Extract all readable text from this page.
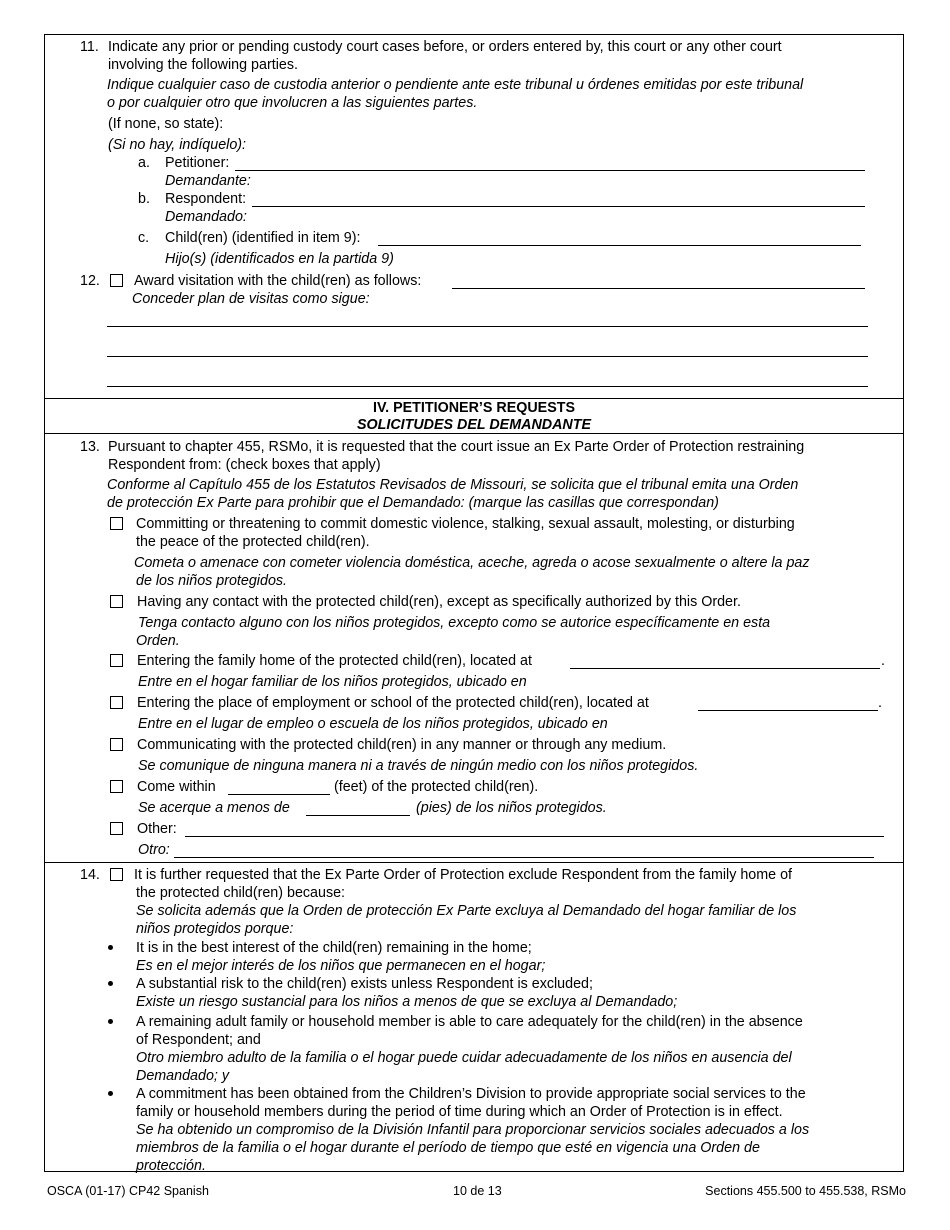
11. Indicate any prior or pending custody court cases before, or orders entered by, this court or any other court
involving the following parties.
Indique cualquier caso de custodia anterior o pendiente ante este tribunal u órdenes emitidas por este tribunal
o por cualquier otro que involucren a las siguientes partes.
(If none, so state):
(Si no hay, indíquelo):
a. Petitioner:
Demandante:
b. Respondent:
Demandado:
c. Child(ren) (identified in item 9):
Hijo(s) (identificados en la partida 9)
12. Award visitation with the child(ren) as follows:
Conceder plan de visitas como sigue:
IV. PETITIONER’S REQUESTS
SOLICITUDES DEL DEMANDANTE
13. Pursuant to chapter 455, RSMo, it is requested that the court issue an Ex Parte Order of Protection restraining
Respondent from: (check boxes that apply)
Conforme al Capítulo 455 de los Estatutos Revisados de Missouri, se solicita que el tribunal emita una Orden
de protección Ex Parte para prohibir que el Demandado: (marque las casillas que correspondan)
Committing or threatening to commit domestic violence, stalking, sexual assault, molesting, or disturbing
the peace of the protected child(ren).
Cometa o amenace con cometer violencia doméstica, aceche, agreda o acose sexualmente o altere la paz
de los niños protegidos.
Having any contact with the protected child(ren), except as specifically authorized by this Order.
Tenga contacto alguno con los niños protegidos, excepto como se autorice específicamente en esta
Orden.
Entering the family home of the protected child(ren), located at	.
Entre en el hogar familiar de los niños protegidos, ubicado en
Entering the place of employment or school of the protected child(ren), located at	.
Entre en el lugar de empleo o escuela de los niños protegidos, ubicado en
Communicating with the protected child(ren) in any manner or through any medium.
Se comunique de ninguna manera ni a través de ningún medio con los niños protegidos.
Come within	(feet) of the protected child(ren).
Se acerque a menos de	(pies) de los niños protegidos.
Other:
Otro:
14. It is further requested that the Ex Parte Order of Protection exclude Respondent from the family home of
the protected child(ren) because:
Se solicita además que la Orden de protección Ex Parte excluya al Demandado del hogar familiar de los
niños protegidos porque:
It is in the best interest of the child(ren) remaining in the home;
Es en el mejor interés de los niños que permanecen en el hogar;
A substantial risk to the child(ren) exists unless Respondent is excluded;
Existe un riesgo sustancial para los niños a menos de que se excluya al Demandado;
A remaining adult family or household member is able to care adequately for the child(ren) in the absence
of Respondent; and
Otro miembro adulto de la familia o el hogar puede cuidar adecuadamente de los niños en ausencia del
Demandado; y
A commitment has been obtained from the Children’s Division to provide appropriate social services to the
family or household members during the period of time during which an Order of Protection is in effect.
Se ha obtenido un compromiso de la División Infantil para proporcionar servicios sociales adecuados a los
miembros de la familia o el hogar durante el período de tiempo que esté en vigencia una Orden de
protección.
OSCA (01-17) CP42 Spanish	10 de 13	Sections 455.500 to 455.538, RSMo
